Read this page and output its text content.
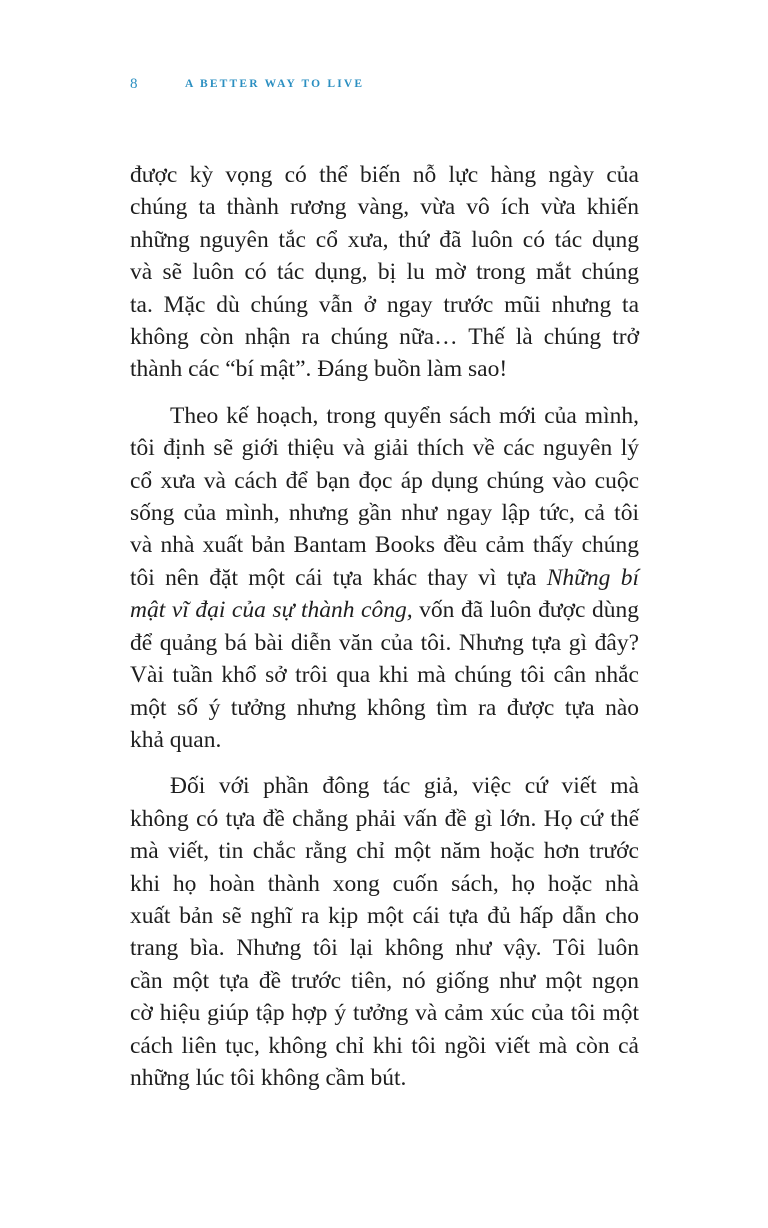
8	A BETTER WAY TO LIVE

được kỳ vọng có thể biến nỗ lực hàng ngày của
chúng ta thành rương vàng, vừa vô ích vừa khiến
những nguyên tắc cổ xưa, thứ đã luôn có tác dụng
và sẽ luôn có tác dụng, bị lu mờ trong mắt chúng
ta. Mặc dù chúng vẫn ở ngay trước mũi nhưng ta
không còn nhận ra chúng nữa… Thế là chúng trở
thành các “bí mật”. Đáng buồn làm sao!

Theo kế hoạch, trong quyển sách mới của mình,
tôi định sẽ giới thiệu và giải thích về các nguyên lý
cổ xưa và cách để bạn đọc áp dụng chúng vào cuộc
sống của mình, nhưng gần như ngay lập tức, cả tôi
và nhà xuất bản Bantam Books đều cảm thấy chúng
tôi nên đặt một cái tựa khác thay vì tựa Những bí
mật vĩ đại của sự thành công, vốn đã luôn được dùng
để quảng bá bài diễn văn của tôi. Nhưng tựa gì đây?
Vài tuần khổ sở trôi qua khi mà chúng tôi cân nhắc
một số ý tưởng nhưng không tìm ra được tựa nào
khả quan.

Đối với phần đông tác giả, việc cứ viết mà
không có tựa đề chẳng phải vấn đề gì lớn. Họ cứ thế
mà viết, tin chắc rằng chỉ một năm hoặc hơn trước
khi họ hoàn thành xong cuốn sách, họ hoặc nhà
xuất bản sẽ nghĩ ra kịp một cái tựa đủ hấp dẫn cho
trang bìa. Nhưng tôi lại không như vậy. Tôi luôn
cần một tựa đề trước tiên, nó giống như một ngọn
cờ hiệu giúp tập hợp ý tưởng và cảm xúc của tôi một
cách liên tục, không chỉ khi tôi ngồi viết mà còn cả
những lúc tôi không cầm bút.
